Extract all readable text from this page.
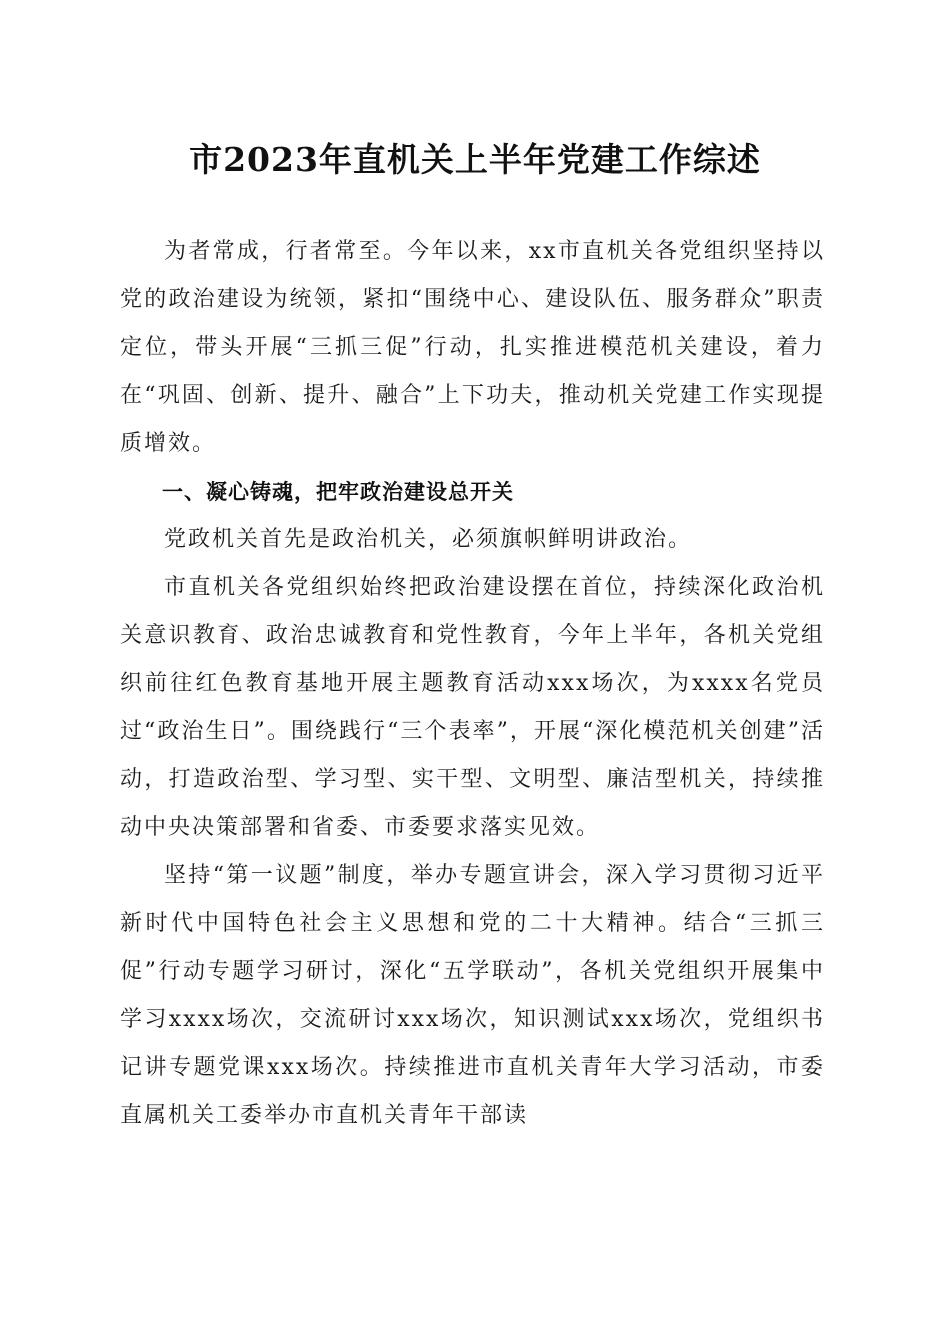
市2023年直机关上半年党建工作综述

为者常成，行者常至。今年以来，xx市直机关各党组织坚持以党的政治建设为统领，紧扣“围绕中心、建设队伍、服务群众”职责定位，带头开展“三抓三促”行动，扎实推进模范机关建设，着力在“巩固、创新、提升、融合”上下功夫，推动机关党建工作实现提质增效。

一、凝心铸魂，把牢政治建设总开关

党政机关首先是政治机关，必须旗帜鲜明讲政治。

市直机关各党组织始终把政治建设摆在首位，持续深化政治机关意识教育、政治忠诚教育和党性教育，今年上半年，各机关党组织前往红色教育基地开展主题教育活动xxx场次，为xxxx名党员过“政治生日”。围绕践行“三个表率”，开展“深化模范机关创建”活动，打造政治型、学习型、实干型、文明型、廉洁型机关，持续推动中央决策部署和省委、市委要求落实见效。

坚持“第一议题”制度，举办专题宣讲会，深入学习贯彻习近平新时代中国特色社会主义思想和党的二十大精神。结合“三抓三促”行动专题学习研讨，深化“五学联动”，各机关党组织开展集中学习xxxx场次，交流研讨xxx场次，知识测试xxx场次，党组织书记讲专题党课xxx场次。持续推进市直机关青年大学习活动，市委直属机关工委举办市直机关青年干部读
